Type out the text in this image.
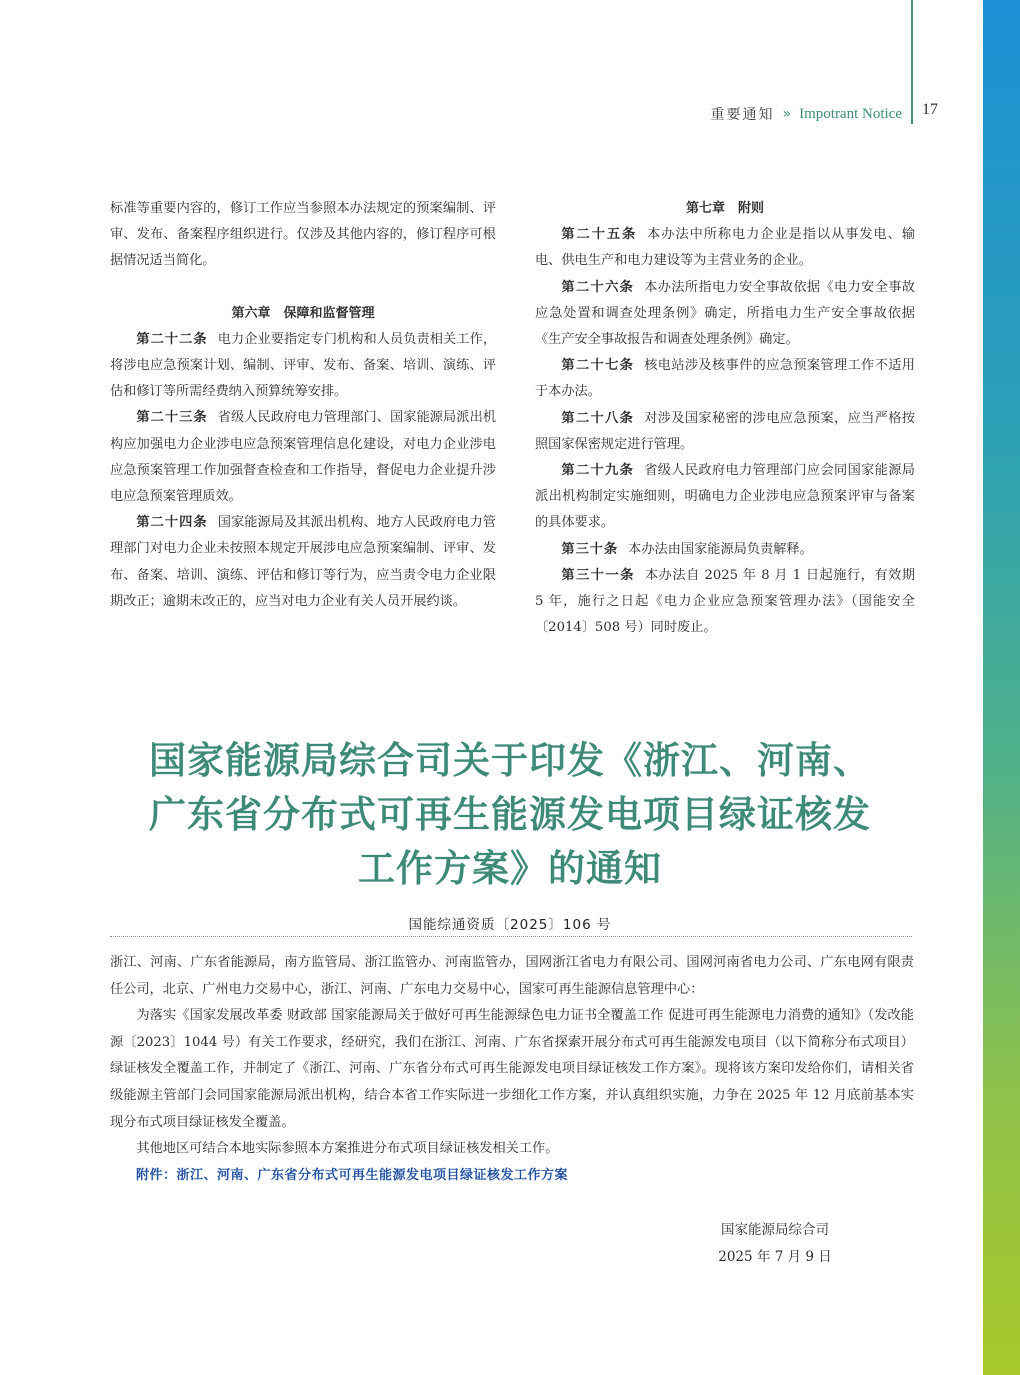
重要通知 » Impotrant Notice 17

标准等重要内容的，修订工作应当参照本办法规定的预案编制、评审、发布、备案程序组织进行。仅涉及其他内容的，修订程序可根据情况适当简化。

第六章　保障和监督管理

第二十二条 电力企业要指定专门机构和人员负责相关工作，将涉电应急预案计划、编制、评审、发布、备案、培训、演练、评估和修订等所需经费纳入预算统筹安排。

第二十三条 省级人民政府电力管理部门、国家能源局派出机构应加强电力企业涉电应急预案管理信息化建设，对电力企业涉电应急预案管理工作加强督查检查和工作指导，督促电力企业提升涉电应急预案管理质效。

第二十四条 国家能源局及其派出机构、地方人民政府电力管理部门对电力企业未按照本规定开展涉电应急预案编制、评审、发布、备案、培训、演练、评估和修订等行为，应当责令电力企业限期改正；逾期未改正的，应当对电力企业有关人员开展约谈。

第七章　附则

第二十五条 本办法中所称电力企业是指以从事发电、输电、供电生产和电力建设等为主营业务的企业。

第二十六条 本办法所指电力安全事故依据《电力安全事故应急处置和调查处理条例》确定，所指电力生产安全事故依据《生产安全事故报告和调查处理条例》确定。

第二十七条 核电站涉及核事件的应急预案管理工作不适用于本办法。

第二十八条 对涉及国家秘密的涉电应急预案，应当严格按照国家保密规定进行管理。

第二十九条 省级人民政府电力管理部门应会同国家能源局派出机构制定实施细则，明确电力企业涉电应急预案评审与备案的具体要求。

第三十条 本办法由国家能源局负责解释。

第三十一条 本办法自 2025 年 8 月 1 日起施行，有效期 5 年，施行之日起《电力企业应急预案管理办法》（国能安全〔2014〕508 号）同时废止。

国家能源局综合司关于印发《浙江、河南、
广东省分布式可再生能源发电项目绿证核发
工作方案》的通知
国能综通资质〔2025〕106 号

浙江、河南、广东省能源局，南方监管局、浙江监管办、河南监管办，国网浙江省电力有限公司、国网河南省电力公司、广东电网有限责任公司，北京、广州电力交易中心，浙江、河南、广东电力交易中心，国家可再生能源信息管理中心：

为落实《国家发展改革委 财政部 国家能源局关于做好可再生能源绿色电力证书全覆盖工作 促进可再生能源电力消费的通知》（发改能源〔2023〕1044 号）有关工作要求，经研究，我们在浙江、河南、广东省探索开展分布式可再生能源发电项目（以下简称分布式项目）绿证核发全覆盖工作，并制定了《浙江、河南、广东省分布式可再生能源发电项目绿证核发工作方案》。现将该方案印发给你们，请相关省级能源主管部门会同国家能源局派出机构，结合本省工作实际进一步细化工作方案，并认真组织实施，力争在 2025 年 12 月底前基本实现分布式项目绿证核发全覆盖。

其他地区可结合本地实际参照本方案推进分布式项目绿证核发相关工作。

附件：浙江、河南、广东省分布式可再生能源发电项目绿证核发工作方案

国家能源局综合司
2025 年 7 月 9 日
